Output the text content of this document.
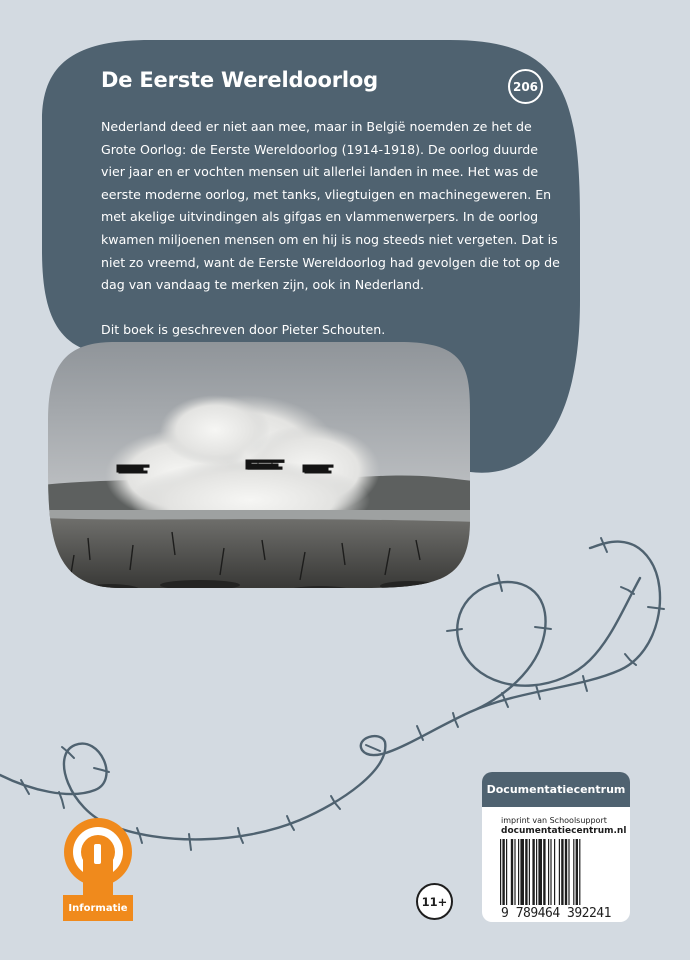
De Eerste Wereldoorlog	206

Nederland deed er niet aan mee, maar in België noemden ze het de Grote Oorlog: de Eerste Wereldoorlog (1914-1918). De oorlog duurde vier jaar en er vochten mensen uit allerlei landen in mee. Het was de eerste moderne oorlog, met tanks, vliegtuigen en machinegeweren. En met akelige uitvindingen als gifgas en vlammenwerpers. In de oorlog kwamen miljoenen mensen om en hij is nog steeds niet vergeten. Dat is niet zo vreemd, want de Eerste Wereldoorlog had gevolgen die tot op de dag van vandaag te merken zijn, ook in Nederland.

Dit boek is geschreven door Pieter Schouten.

Informatie	11+
Documentatiecentrum
imprint van Schoolsupport
documentatiecentrum.nl
9 789464 392241
